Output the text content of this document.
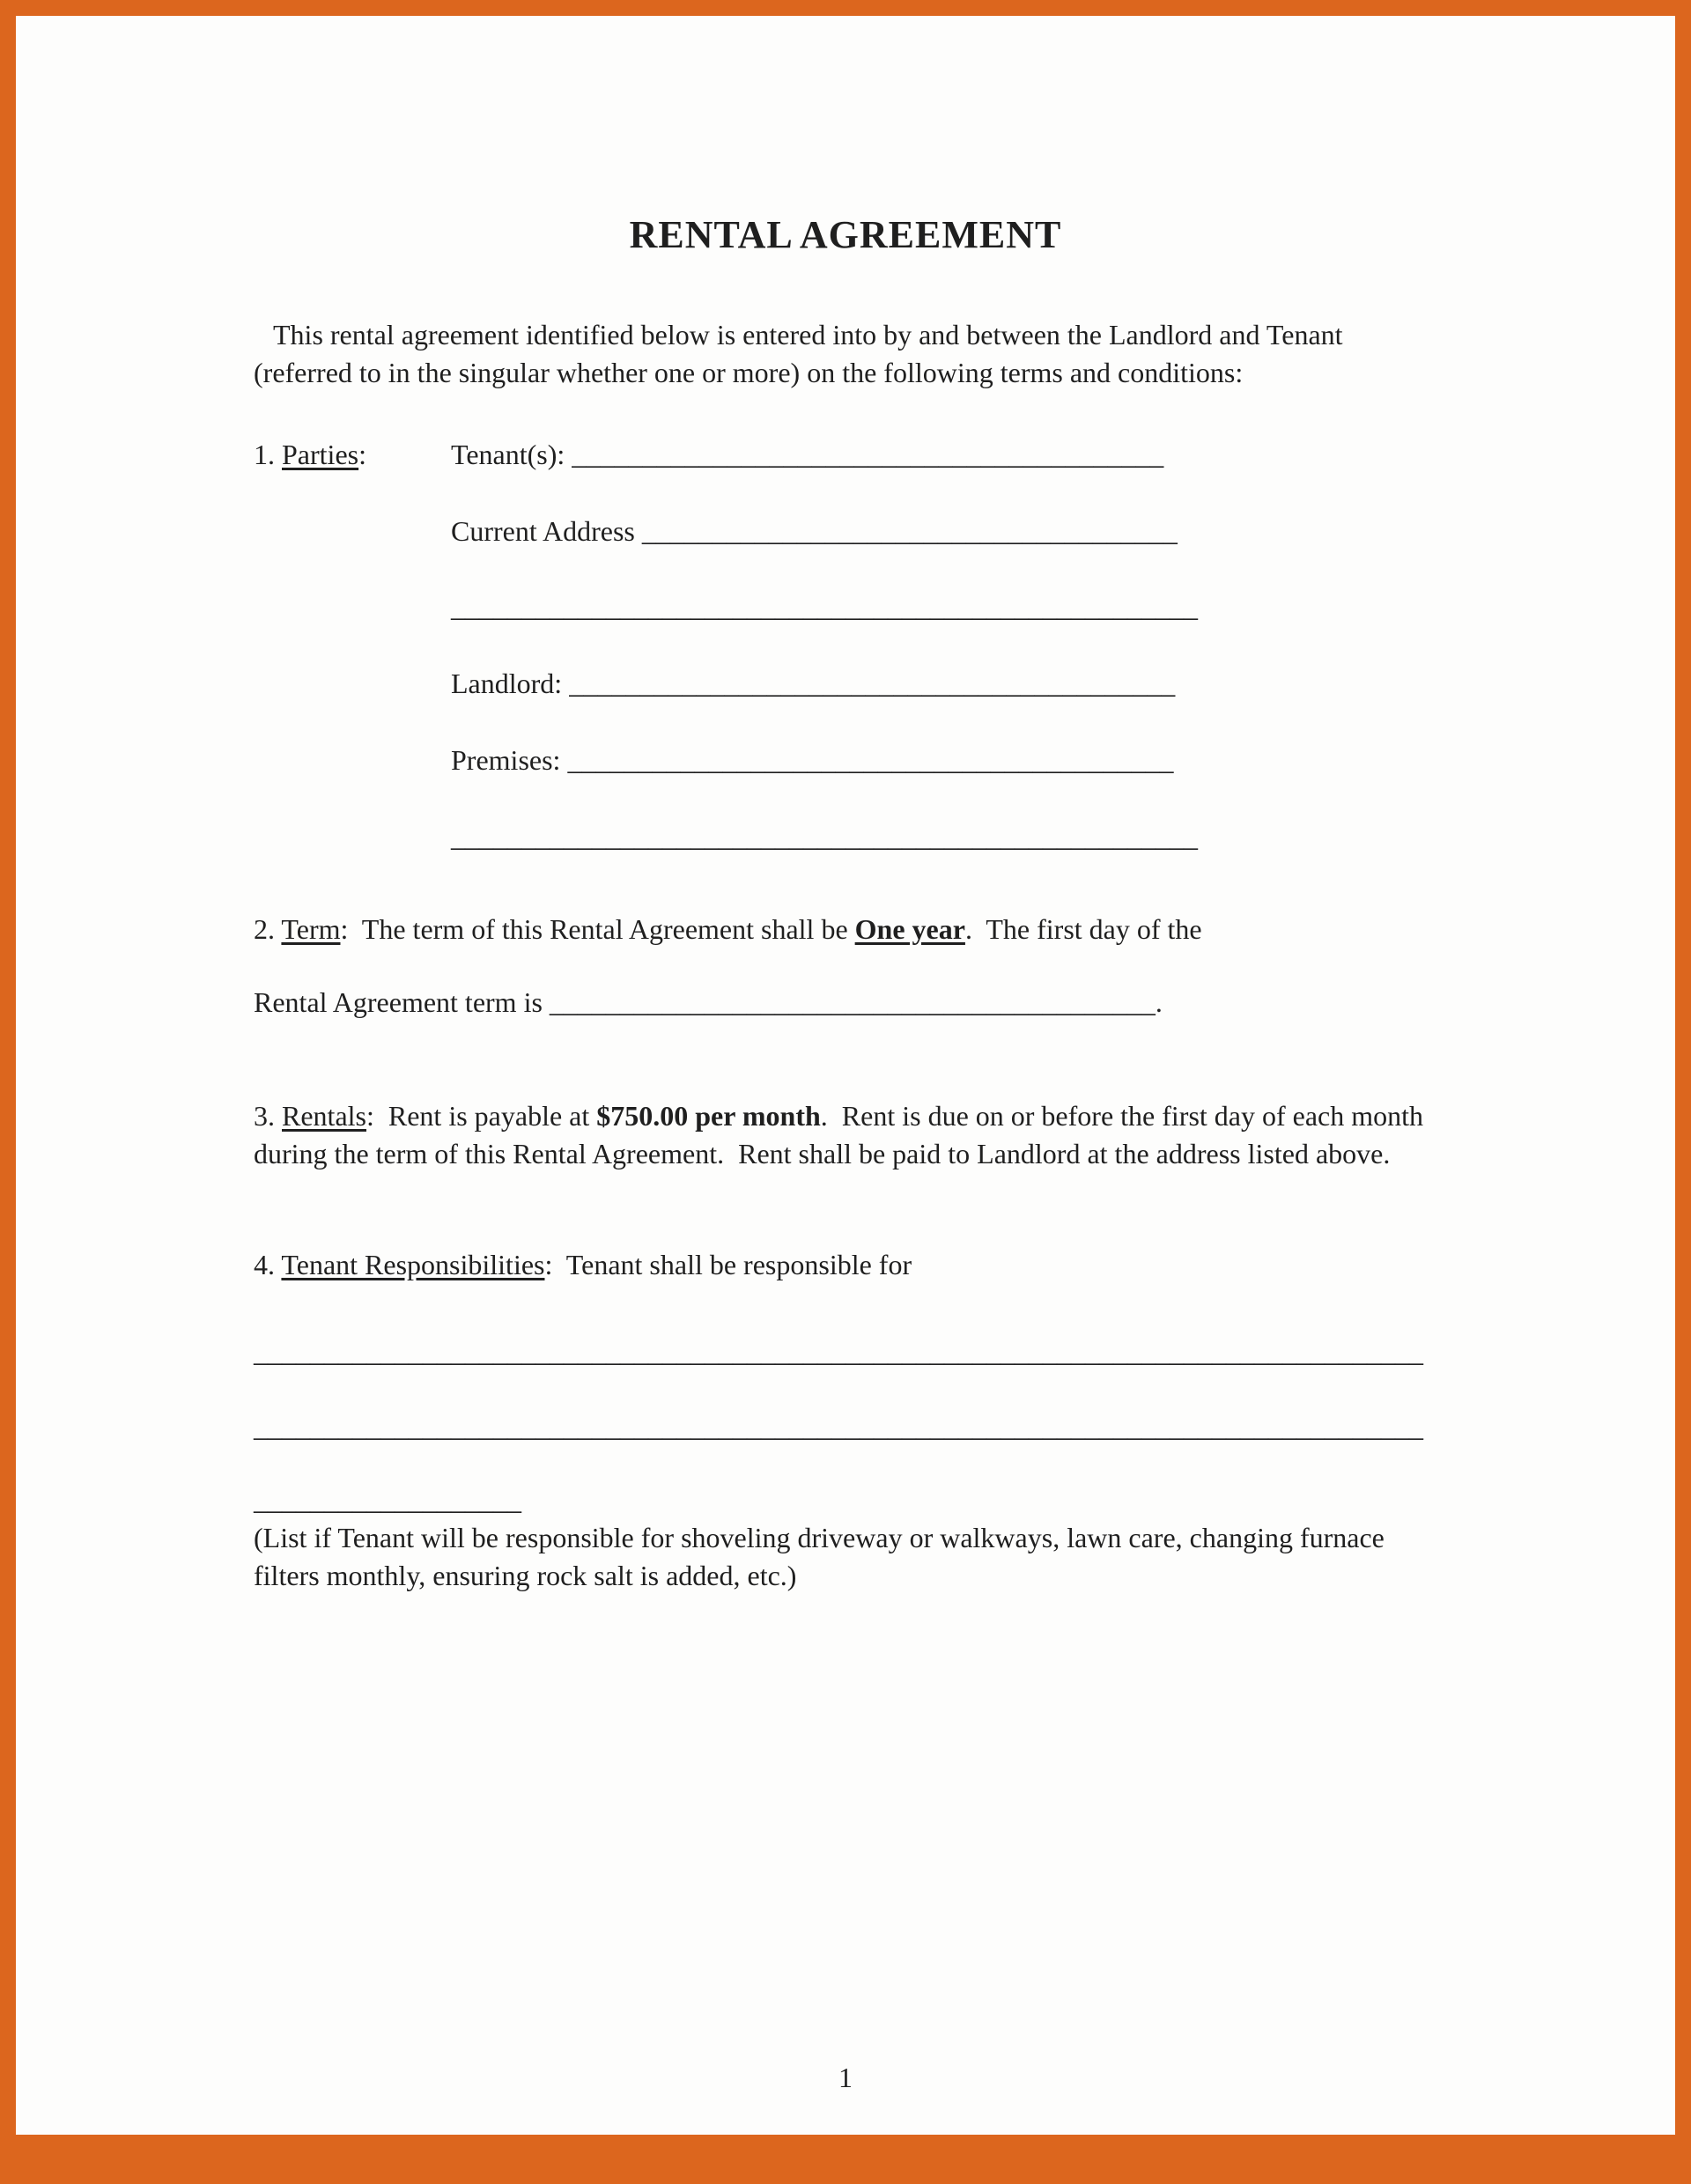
RENTAL AGREEMENT
This rental agreement identified below is entered into by and between the Landlord and Tenant (referred to in the singular whether one or more) on the following terms and conditions:
1. Parties:	Tenant(s): __________________________________________
Current Address ______________________________________
_____________________________________________________
Landlord: ___________________________________________
Premises: ___________________________________________
_____________________________________________________
2. Term:  The term of this Rental Agreement shall be One year.  The first day of the
Rental Agreement term is ___________________________________________.
3. Rentals:  Rent is payable at $750.00 per month.  Rent is due on or before the first day of each month during the term of this Rental Agreement.  Rent shall be paid to Landlord at the address listed above.
4. Tenant Responsibilities:  Tenant shall be responsible for
___________________________________________________________________________________
___________________________________________________________________________________
___________________
(List if Tenant will be responsible for shoveling driveway or walkways, lawn care, changing furnace filters monthly, ensuring rock salt is added, etc.)
1
